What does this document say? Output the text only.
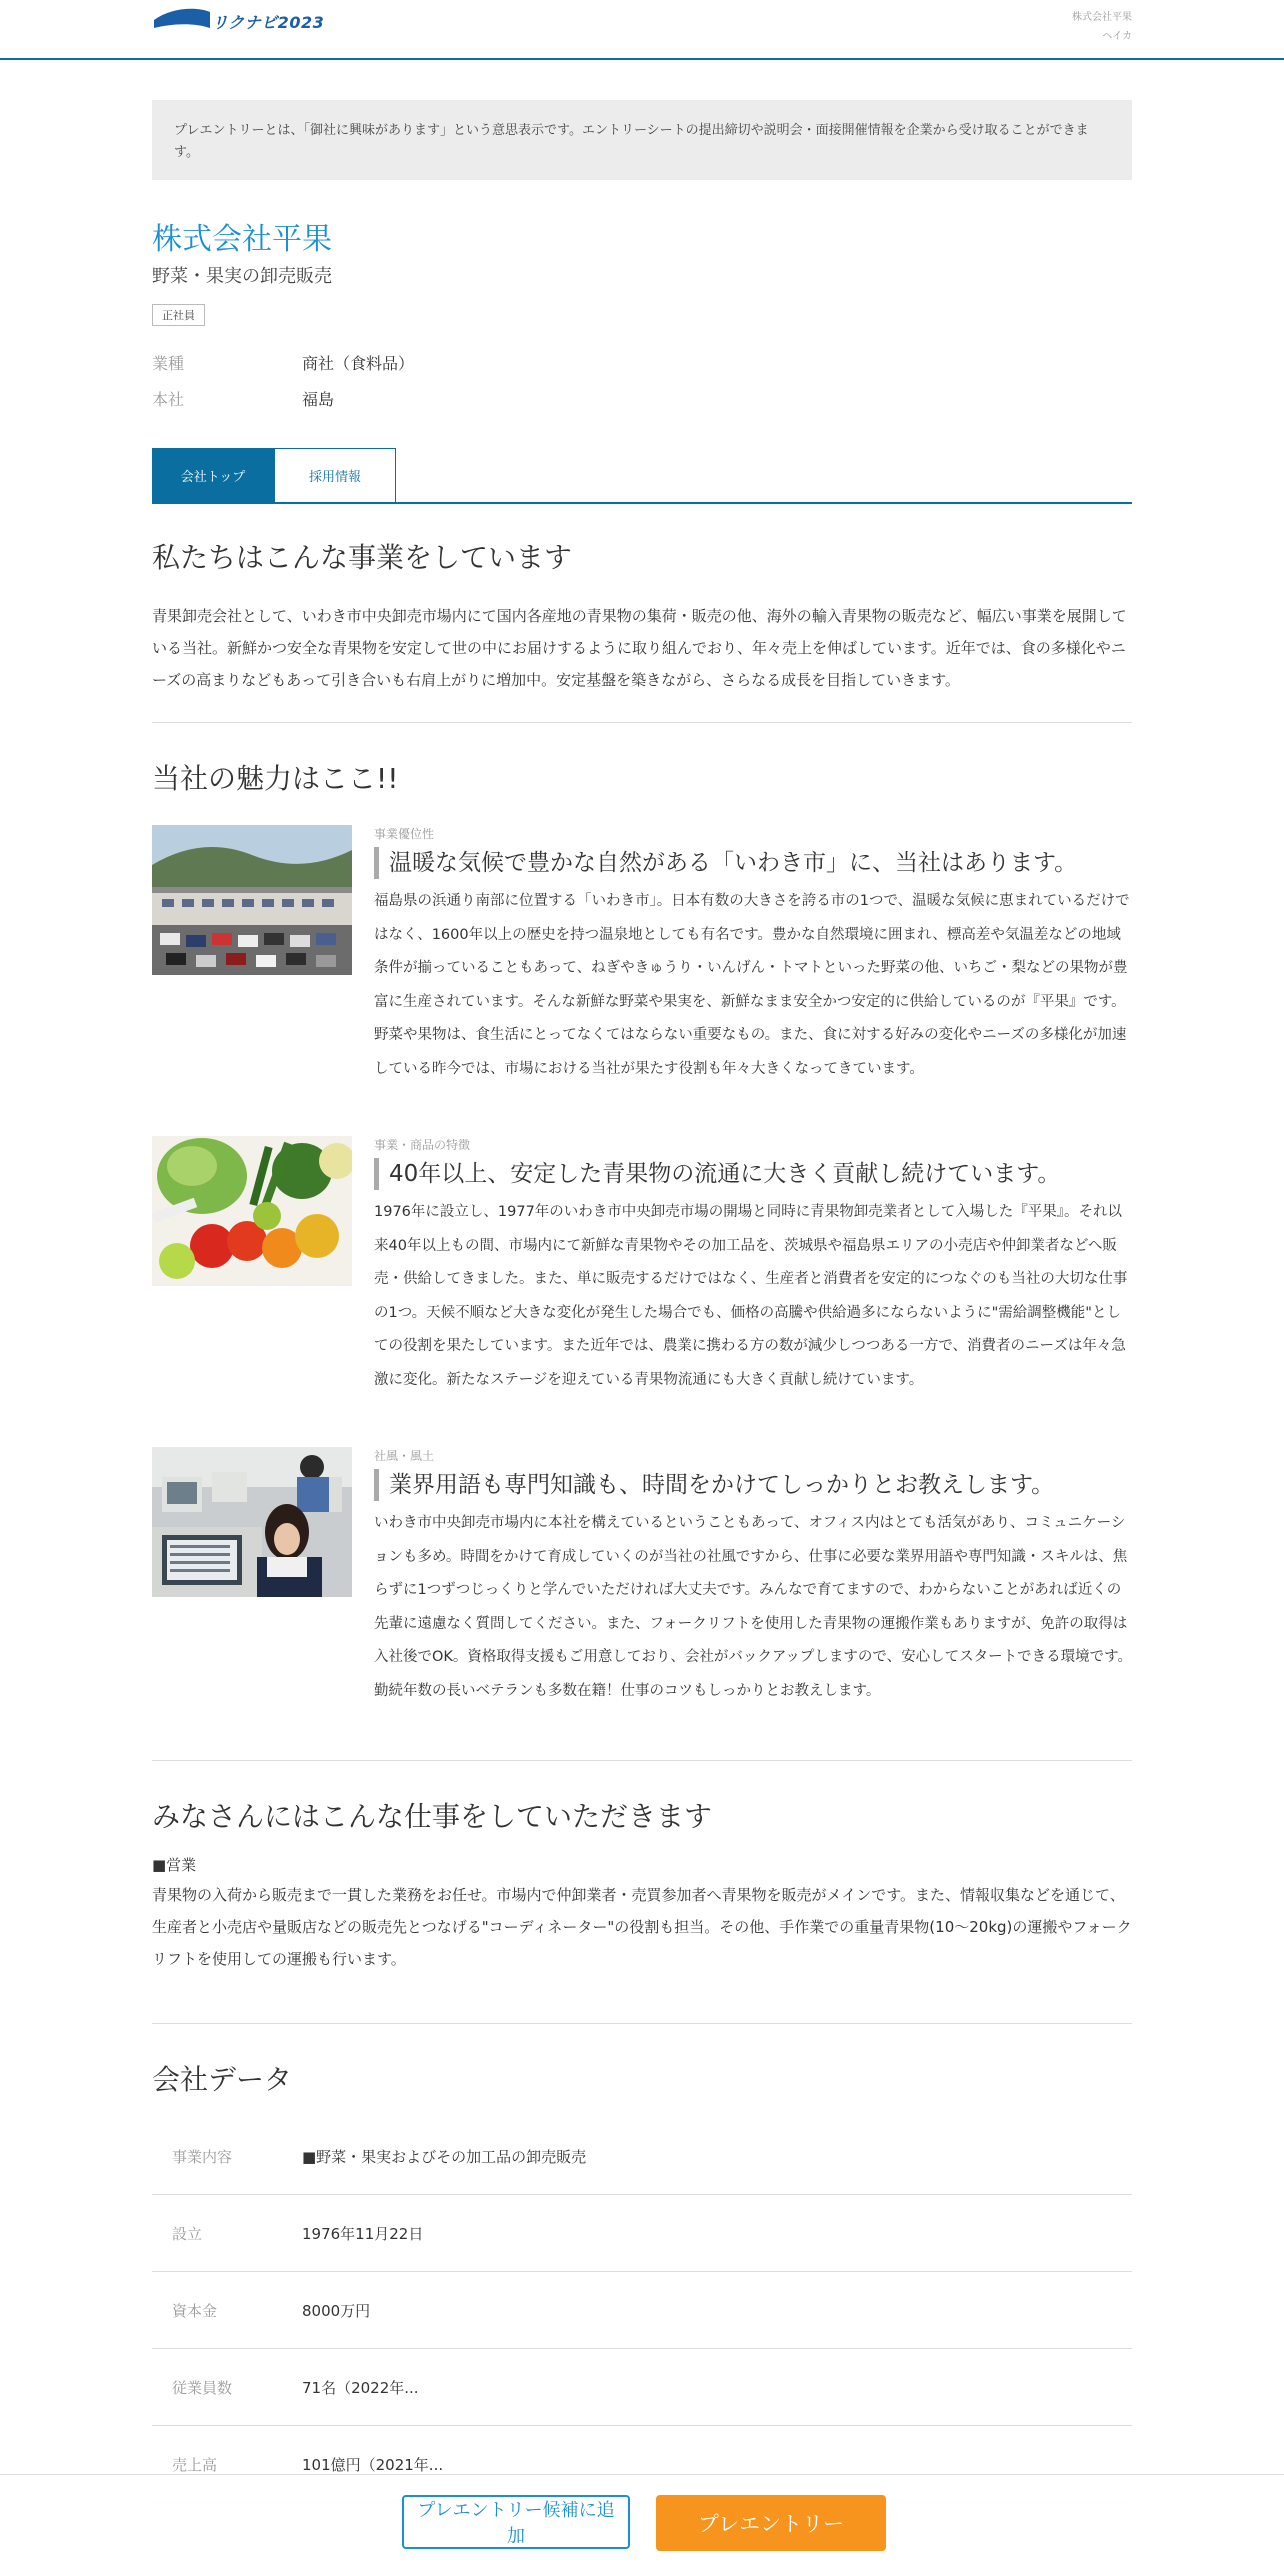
リクナビ2023	株式会社平果
ヘイカ
プレエントリーとは、「御社に興味があります」という意思表示です。エントリーシートの提出締切や説明会・面接開催情報を企業から受け取ることができます。
株式会社平果
野菜・果実の卸売販売
正社員
業種	商社（食料品）
本社	福島
会社トップ	採用情報
私たちはこんな事業をしています
青果卸売会社として、いわき市中央卸売市場内にて国内各産地の青果物の集荷・販売の他、海外の輸入青果物の販売など、幅広い事業を展開している当社。新鮮かつ安全な青果物を安定して世の中にお届けするように取り組んでおり、年々売上を伸ばしています。近年では、食の多様化やニーズの高まりなどもあって引き合いも右肩上がりに増加中。安定基盤を築きながら、さらなる成長を目指していきます。
当社の魅力はここ!!
事業優位性
温暖な気候で豊かな自然がある「いわき市」に、当社はあります。
福島県の浜通り南部に位置する「いわき市」。日本有数の大きさを誇る市の1つで、温暖な気候に恵まれているだけではなく、1600年以上の歴史を持つ温泉地としても有名です。豊かな自然環境に囲まれ、標高差や気温差などの地域条件が揃っていることもあって、ねぎやきゅうり・いんげん・トマトといった野菜の他、いちご・梨などの果物が豊富に生産されています。そんな新鮮な野菜や果実を、新鮮なまま安全かつ安定的に供給しているのが『平果』です。野菜や果物は、食生活にとってなくてはならない重要なもの。また、食に対する好みの変化やニーズの多様化が加速している昨今では、市場における当社が果たす役割も年々大きくなってきています。
事業・商品の特徴
40年以上、安定した青果物の流通に大きく貢献し続けています。
1976年に設立し、1977年のいわき市中央卸売市場の開場と同時に青果物卸売業者として入場した『平果』。それ以来40年以上もの間、市場内にて新鮮な青果物やその加工品を、茨城県や福島県エリアの小売店や仲卸業者などへ販売・供給してきました。また、単に販売するだけではなく、生産者と消費者を安定的につなぐのも当社の大切な仕事の1つ。天候不順など大きな変化が発生した場合でも、価格の高騰や供給過多にならないように"需給調整機能"としての役割を果たしています。また近年では、農業に携わる方の数が減少しつつある一方で、消費者のニーズは年々急激に変化。新たなステージを迎えている青果物流通にも大きく貢献し続けています。
社風・風土
業界用語も専門知識も、時間をかけてしっかりとお教えします。
いわき市中央卸売市場内に本社を構えているということもあって、オフィス内はとても活気があり、コミュニケーションも多め。時間をかけて育成していくのが当社の社風ですから、仕事に必要な業界用語や専門知識・スキルは、焦らずに1つずつじっくりと学んでいただければ大丈夫です。みんなで育てますので、わからないことがあれば近くの先輩に遠慮なく質問してください。また、フォークリフトを使用した青果物の運搬作業もありますが、免許の取得は入社後でOK。資格取得支援もご用意しており、会社がバックアップしますので、安心してスタートできる環境です。勤続年数の長いベテランも多数在籍！仕事のコツもしっかりとお教えします。
みなさんにはこんな仕事をしていただきます
■営業
青果物の入荷から販売まで一貫した業務をお任せ。市場内で仲卸業者・売買参加者へ青果物を販売がメインです。また、情報収集などを通じて、生産者と小売店や量販店などの販売先とつなげる"コーディネーター"の役割も担当。その他、手作業での重量青果物(10～20kg)の運搬やフォークリフトを使用しての運搬も行います。
会社データ
事業内容	■野菜・果実およびその加工品の卸売販売
設立	1976年11月22日
資本金	8000万円
従業員数	71名（2022年...
売上高	101億円（2021年...
プレエントリー候補に追加
プレエントリー
